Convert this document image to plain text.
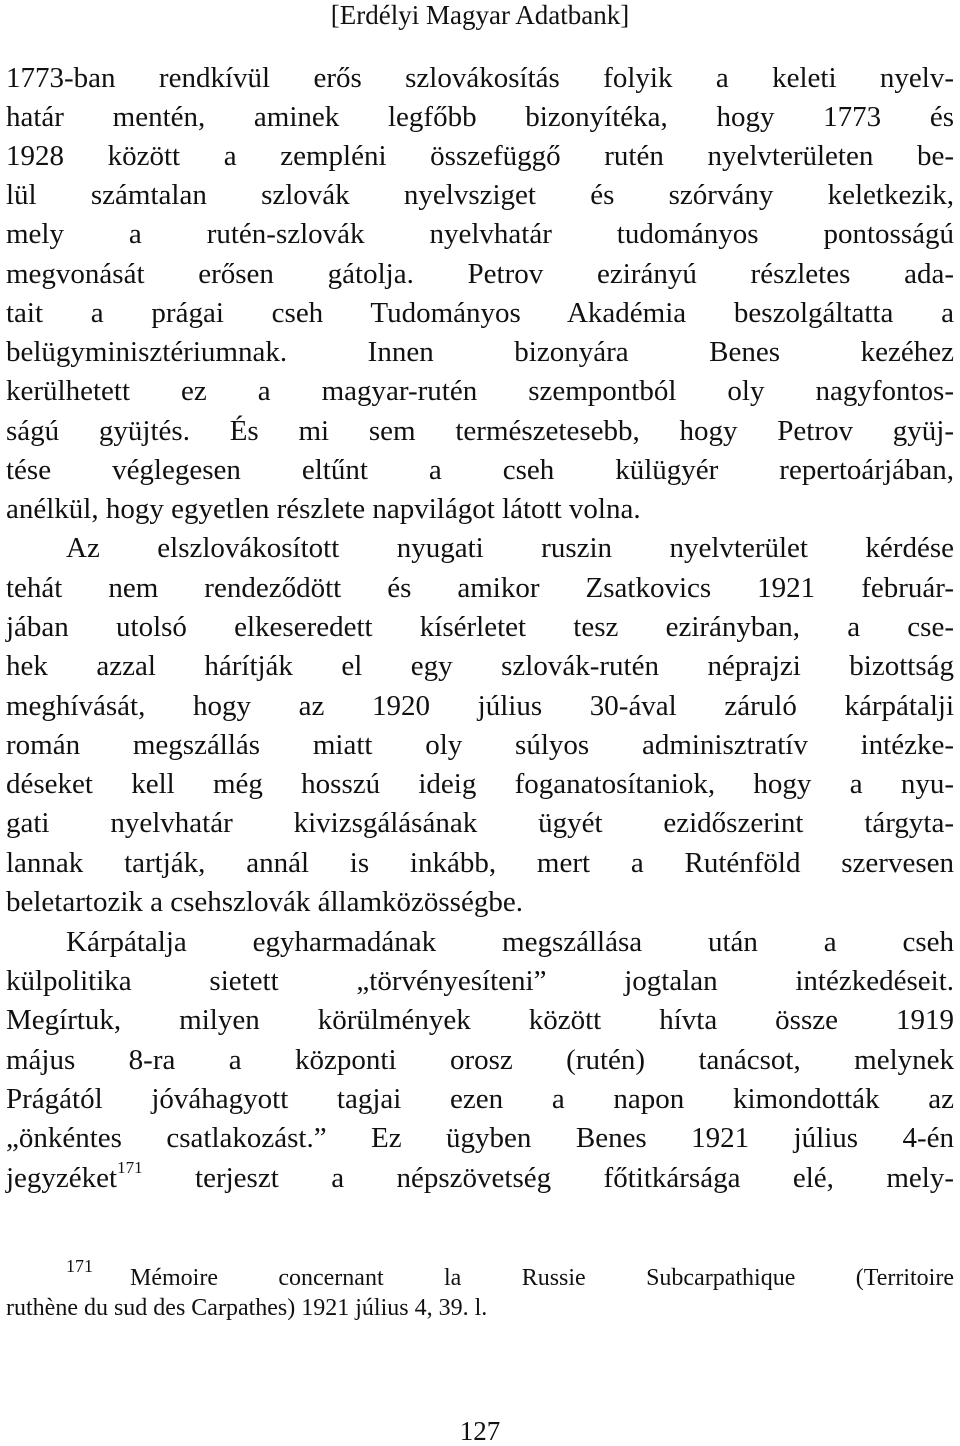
[Erdélyi Magyar Adatbank]
1773-ban rendkívül erős szlovákosítás folyik a keleti nyelv-
határ mentén, aminek legfőbb bizonyítéka, hogy 1773 és
1928 között a zempléni összefüggő rutén nyelvterületen be-
lül számtalan szlovák nyelvsziget és szórvány keletkezik,
mely a rutén-szlovák nyelvhatár tudományos pontosságú
megvonását erősen gátolja. Petrov ezirányú részletes ada-
tait a prágai cseh Tudományos Akadémia beszolgáltatta a
belügyminisztériumnak. Innen bizonyára Benes kezéhez
kerülhetett ez a magyar-rutén szempontból oly nagyfontos-
ságú gyüjtés. És mi sem természetesebb, hogy Petrov gyüj-
tése véglegesen eltűnt a cseh külügyér repertoárjában,
anélkül, hogy egyetlen részlete napvilágot látott volna.
Az elszlovákosított nyugati ruszin nyelvterület kérdése
tehát nem rendeződött és amikor Zsatkovics 1921 február-
jában utolsó elkeseredett kísérletet tesz ezirányban, a cse-
hek azzal hárítják el egy szlovák-rutén néprajzi bizottság
meghívását, hogy az 1920 július 30-ával záruló kárpátalji
román megszállás miatt oly súlyos adminisztratív intézke-
déseket kell még hosszú ideig foganatosítaniok, hogy a nyu-
gati nyelvhatár kivizsgálásának ügyét ezidőszerint tárgyta-
lannak tartják, annál is inkább, mert a Ruténföld szervesen
beletartozik a csehszlovák államközösségbe.
Kárpátalja egyharmadának megszállása után a cseh
külpolitika sietett „törvényesíteni” jogtalan intézkedéseit.
Megírtuk, milyen körülmények között hívta össze 1919
május 8-ra a központi orosz (rutén) tanácsot, melynek
Prágától jóváhagyott tagjai ezen a napon kimondották az
„önkéntes csatlakozást.” Ez ügyben Benes 1921 július 4-én
jegyzéket$^{171}$ terjeszt a népszövetség főtitkársága elé, mely-
171	Mémoire concernant la Russie Subcarpathique (Territoire
ruthène du sud des Carpathes) 1921 július 4, 39. l.
127
